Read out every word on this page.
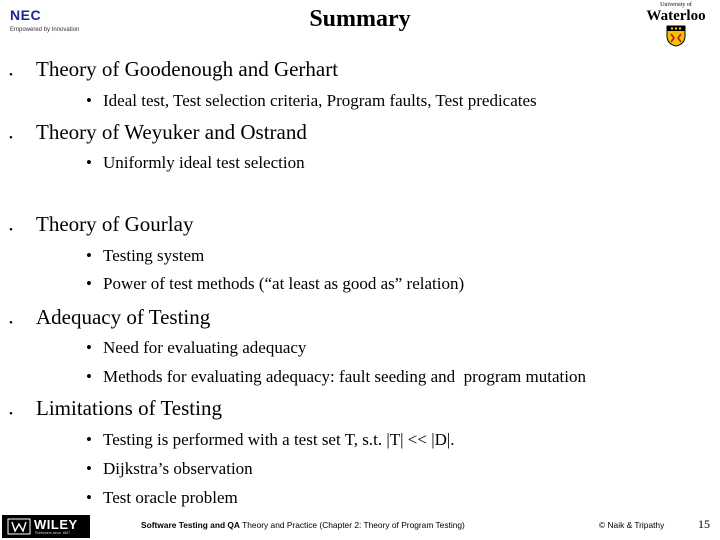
NEC
Empowered by Innovation	Summary
University of
Waterloo
• Theory of Goodenough and Gerhart
• Ideal test, Test selection criteria, Program faults, Test predicates
• Theory of Weyuker and Ostrand
• Uniformly ideal test selection
• Theory of Gourlay
• Testing system
• Power of test methods (“at least as good as” relation)
• Adequacy of Testing
• Need for evaluating adequacy
• Methods for evaluating adequacy: fault seeding and  program mutation
• Limitations of Testing
• Testing is performed with a test set T, s.t. |T| << |D|.
• Dijkstra’s observation
• Test oracle problem
WILEY
Publishers since 1807
Software Testing and QA Theory and Practice (Chapter 2: Theory of Program Testing)	© Naik & Tripathy	15
